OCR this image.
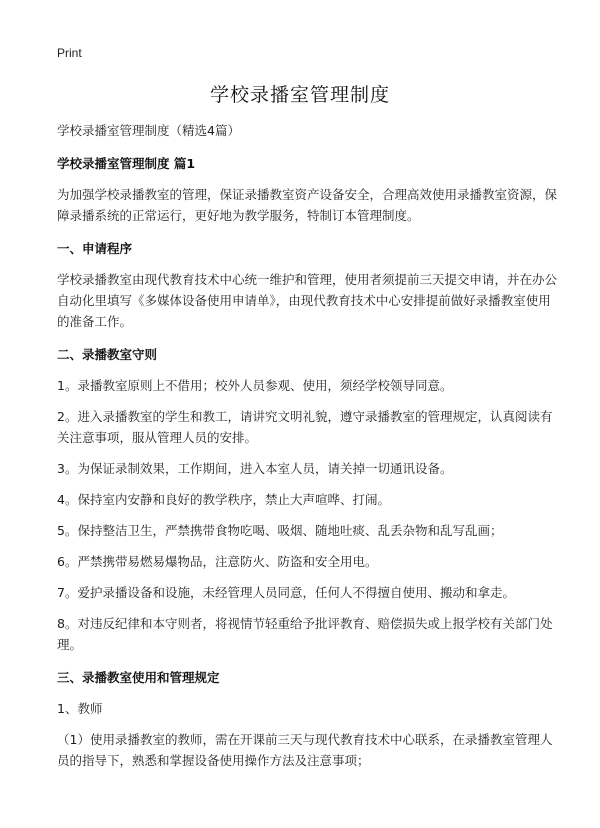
Print
学校录播室管理制度

学校录播室管理制度（精选4篇）

学校录播室管理制度 篇1

为加强学校录播教室的管理，保证录播教室资产设备安全，合理高效使用录播教室资源，保障录播系统的正常运行，更好地为教学服务，特制订本管理制度。

一、申请程序

学校录播教室由现代教育技术中心统一维护和管理，使用者须提前三天提交申请，并在办公自动化里填写《多媒体设备使用申请单》，由现代教育技术中心安排提前做好录播教室使用的准备工作。

二、录播教室守则

1。录播教室原则上不借用；校外人员参观、使用，须经学校领导同意。

2。进入录播教室的学生和教工，请讲究文明礼貌，遵守录播教室的管理规定，认真阅读有关注意事项，服从管理人员的安排。

3。为保证录制效果，工作期间，进入本室人员，请关掉一切通讯设备。

4。保持室内安静和良好的教学秩序，禁止大声喧哗、打闹。

5。保持整洁卫生，严禁携带食物吃喝、吸烟、随地吐痰、乱丢杂物和乱写乱画；

6。严禁携带易燃易爆物品，注意防火、防盗和安全用电。

7。爱护录播设备和设施，未经管理人员同意，任何人不得擅自使用、搬动和拿走。

8。对违反纪律和本守则者，将视情节轻重给予批评教育、赔偿损失或上报学校有关部门处理。

三、录播教室使用和管理规定

1、教师

（1）使用录播教室的教师，需在开课前三天与现代教育技术中心联系，在录播教室管理人员的指导下，熟悉和掌握设备使用操作方法及注意事项；
